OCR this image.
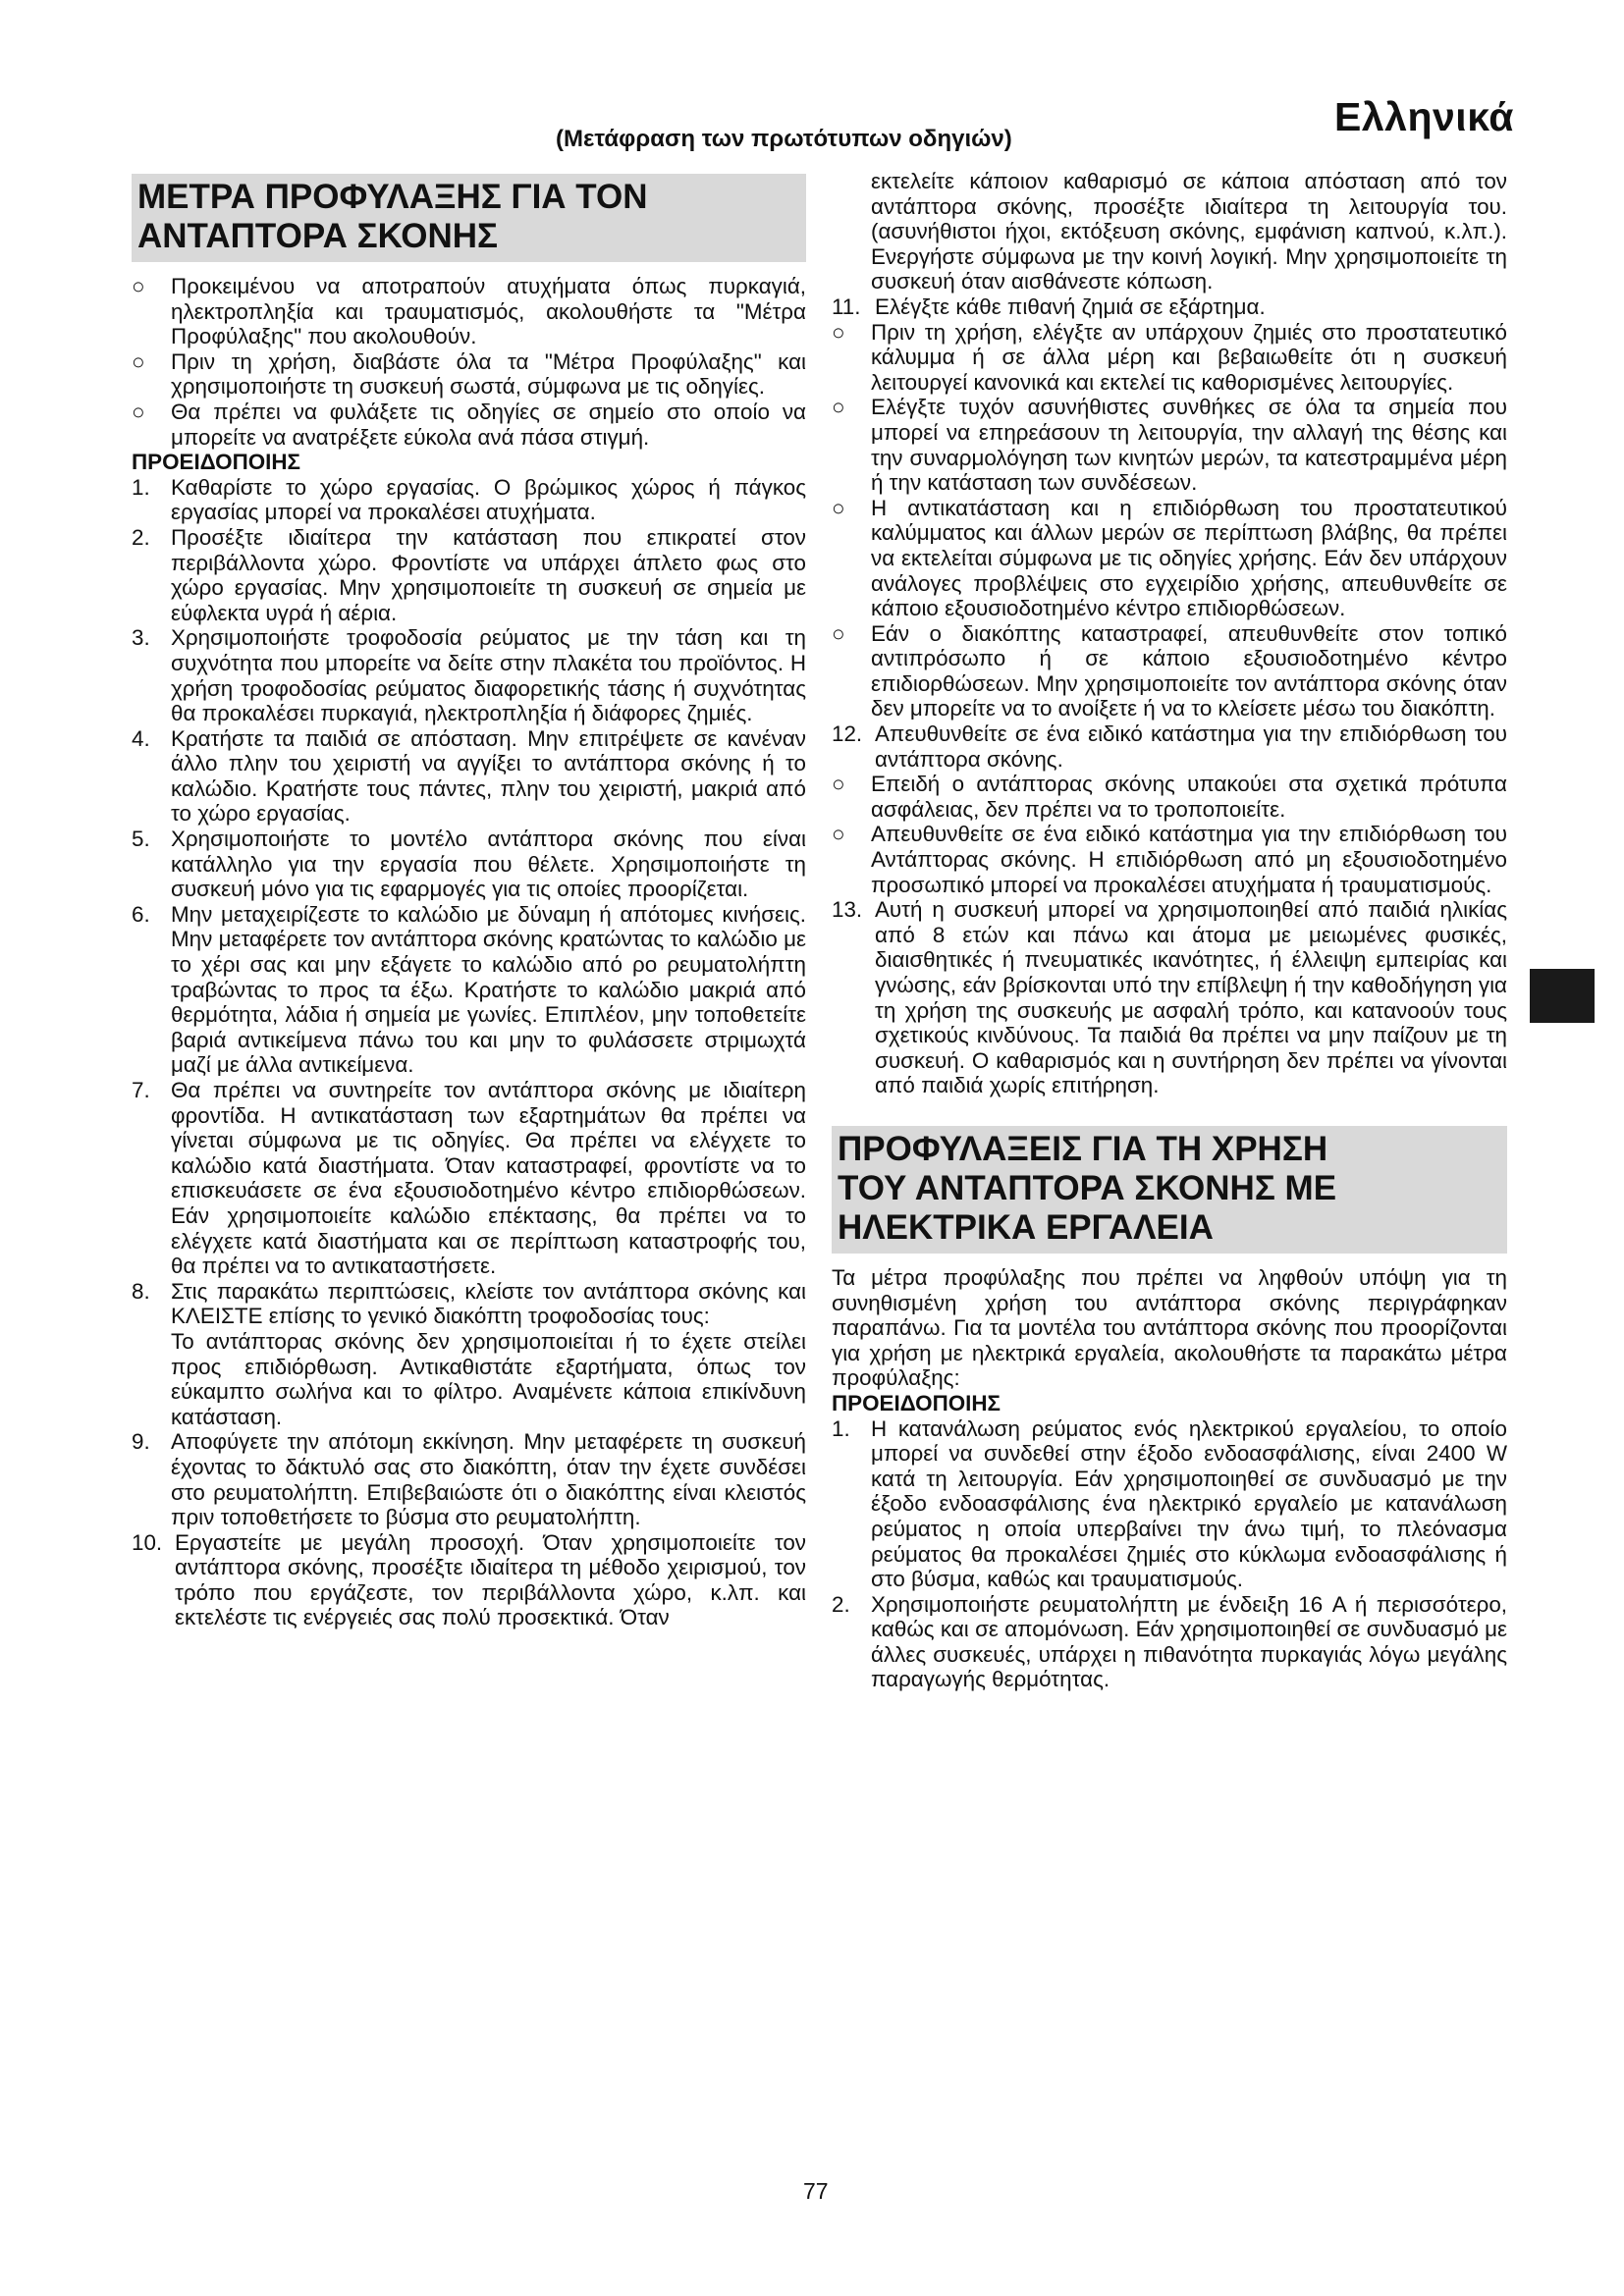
Ελληνικά
(Μετάφραση των πρωτότυπων οδηγιών)
ΜΕΤΡΑ ΠΡΟΦΥΛΑΞΗΣ ΓΙΑ ΤΟΝ
ΑΝΤΑΠΤΟΡΑ ΣΚΟΝΗΣ
○	Προκειμένου να αποτραπούν ατυχήματα όπως πυρκαγιά, ηλεκτροπληξία και τραυματισμός, ακολουθήστε τα "Μέτρα Προφύλαξης" που ακολουθούν.
○	Πριν τη χρήση, διαβάστε όλα τα "Μέτρα Προφύλαξης" και χρησιμοποιήστε τη συσκευή σωστά, σύμφωνα με τις οδηγίες.
○	Θα πρέπει να φυλάξετε τις οδηγίες σε σημείο στο οποίο να μπορείτε να ανατρέξετε εύκολα ανά πάσα στιγμή.
ΠΡΟΕΙΔΟΠΟΙΗΣ
1. Καθαρίστε το χώρο εργασίας. Ο βρώμικος χώρος ή πάγκος εργασίας μπορεί να προκαλέσει ατυχήματα.
2. Προσέξτε ιδιαίτερα την κατάσταση που επικρατεί στον περιβάλλοντα χώρο. Φροντίστε να υπάρχει άπλετο φως στο χώρο εργασίας. Μην χρησιμοποιείτε τη συσκευή σε σημεία με εύφλεκτα υγρά ή αέρια.
3. Χρησιμοποιήστε τροφοδοσία ρεύματος με την τάση και τη συχνότητα που μπορείτε να δείτε στην πλακέτα του προϊόντος. Η χρήση τροφοδοσίας ρεύματος διαφορετικής τάσης ή συχνότητας θα προκαλέσει πυρκαγιά, ηλεκτροπληξία ή διάφορες ζημιές.
4. Κρατήστε τα παιδιά σε απόσταση. Μην επιτρέψετε σε κανέναν άλλο πλην του χειριστή να αγγίξει το αντάπτορα σκόνης ή το καλώδιο. Κρατήστε τους πάντες, πλην του χειριστή, μακριά από το χώρο εργασίας.
5. Χρησιμοποιήστε το μοντέλο αντάπτορα σκόνης που είναι κατάλληλο για την εργασία που θέλετε. Χρησιμοποιήστε τη συσκευή μόνο για τις εφαρμογές για τις οποίες προορίζεται.
6. Μην μεταχειρίζεστε το καλώδιο με δύναμη ή απότομες κινήσεις. Μην μεταφέρετε τον αντάπτορα σκόνης κρατώντας το καλώδιο με το χέρι σας και μην εξάγετε το καλώδιο από ρο ρευματολήπτη τραβώντας το προς τα έξω. Κρατήστε το καλώδιο μακριά από θερμότητα, λάδια ή σημεία με γωνίες. Επιπλέον, μην τοποθετείτε βαριά αντικείμενα πάνω του και μην το φυλάσσετε στριμωχτά μαζί με άλλα αντικείμενα.
7. Θα πρέπει να συντηρείτε τον αντάπτορα σκόνης με ιδιαίτερη φροντίδα. Η αντικατάσταση των εξαρτημάτων θα πρέπει να γίνεται σύμφωνα με τις οδηγίες. Θα πρέπει να ελέγχετε το καλώδιο κατά διαστήματα. Όταν καταστραφεί, φροντίστε να το επισκευάσετε σε ένα εξουσιοδοτημένο κέντρο επιδιορθώσεων. Εάν χρησιμοποιείτε καλώδιο επέκτασης, θα πρέπει να το ελέγχετε κατά διαστήματα και σε περίπτωση καταστροφής του, θα πρέπει να το αντικαταστήσετε.
8. Στις παρακάτω περιπτώσεις, κλείστε τον αντάπτορα σκόνης και ΚΛΕΙΣΤΕ επίσης το γενικό διακόπτη τροφοδοσίας τους:
Το αντάπτορας σκόνης δεν χρησιμοποιείται ή το έχετε στείλει προς επιδιόρθωση. Αντικαθιστάτε εξαρτήματα, όπως τον εύκαμπτο σωλήνα και το φίλτρο. Αναμένετε κάποια επικίνδυνη κατάσταση.
9. Αποφύγετε την απότομη εκκίνηση. Μην μεταφέρετε τη συσκευή έχοντας το δάκτυλό σας στο διακόπτη, όταν την έχετε συνδέσει στο ρευματολήπτη. Επιβεβαιώστε ότι ο διακόπτης είναι κλειστός πριν τοποθετήσετε το βύσμα στο ρευματολήπτη.
10. Εργαστείτε με μεγάλη προσοχή. Όταν χρησιμοποιείτε τον αντάπτορα σκόνης, προσέξτε ιδιαίτερα τη μέθοδο χειρισμού, τον τρόπο που εργάζεστε, τον περιβάλλοντα χώρο, κ.λπ. και εκτελέστε τις ενέργειές σας πολύ προσεκτικά. Όταν
εκτελείτε κάποιον καθαρισμό σε κάποια απόσταση από τον αντάπτορα σκόνης, προσέξτε ιδιαίτερα τη λειτουργία του. (ασυνήθιστοι ήχοι, εκτόξευση σκόνης, εμφάνιση καπνού, κ.λπ.). Ενεργήστε σύμφωνα με την κοινή λογική. Μην χρησιμοποιείτε τη συσκευή όταν αισθάνεστε κόπωση.
11. Ελέγξτε κάθε πιθανή ζημιά σε εξάρτημα.
○	Πριν τη χρήση, ελέγξτε αν υπάρχουν ζημιές στο προστατευτικό κάλυμμα ή σε άλλα μέρη και βεβαιωθείτε ότι η συσκευή λειτουργεί κανονικά και εκτελεί τις καθορισμένες λειτουργίες.
○	Ελέγξτε τυχόν ασυνήθιστες συνθήκες σε όλα τα σημεία που μπορεί να επηρεάσουν τη λειτουργία, την αλλαγή της θέσης και την συναρμολόγηση των κινητών μερών, τα κατεστραμμένα μέρη ή την κατάσταση των συνδέσεων.
○	Η αντικατάσταση και η επιδιόρθωση του προστατευτικού καλύμματος και άλλων μερών σε περίπτωση βλάβης, θα πρέπει να εκτελείται σύμφωνα με τις οδηγίες χρήσης. Εάν δεν υπάρχουν ανάλογες προβλέψεις στο εγχειρίδιο χρήσης, απευθυνθείτε σε κάποιο εξουσιοδοτημένο κέντρο επιδιορθώσεων.
○	Εάν ο διακόπτης καταστραφεί, απευθυνθείτε στον τοπικό αντιπρόσωπο ή σε κάποιο εξουσιοδοτημένο κέντρο επιδιορθώσεων. Μην χρησιμοποιείτε τον αντάπτορα σκόνης όταν δεν μπορείτε να το ανοίξετε ή να το κλείσετε μέσω του διακόπτη.
12. Απευθυνθείτε σε ένα ειδικό κατάστημα για την επιδιόρθωση του αντάπτορα σκόνης.
○	Επειδή ο αντάπτορας σκόνης υπακούει στα σχετικά πρότυπα ασφάλειας, δεν πρέπει να το τροποποιείτε.
○	Απευθυνθείτε σε ένα ειδικό κατάστημα για την επιδιόρθωση του Αντάπτορας σκόνης. Η επιδιόρθωση από μη εξουσιοδοτημένο προσωπικό μπορεί να προκαλέσει ατυχήματα ή τραυματισμούς.
13. Αυτή η συσκευή μπορεί να χρησιμοποιηθεί από παιδιά ηλικίας από 8 ετών και πάνω και άτομα με μειωμένες φυσικές, διαισθητικές ή πνευματικές ικανότητες, ή έλλειψη εμπειρίας και γνώσης, εάν βρίσκονται υπό την επίβλεψη ή την καθοδήγηση για τη χρήση της συσκευής με ασφαλή τρόπο, και κατανοούν τους σχετικούς κινδύνους. Τα παιδιά θα πρέπει να μην παίζουν με τη συσκευή. Ο καθαρισμός και η συντήρηση δεν πρέπει να γίνονται από παιδιά χωρίς επιτήρηση.
ΠΡΟΦΥΛΑΞΕΙΣ ΓΙΑ ΤΗ ΧΡΗΣΗ
ΤΟΥ ΑΝΤΑΠΤΟΡΑ ΣΚΟΝΗΣ ΜΕ
ΗΛΕΚΤΡΙΚΑ ΕΡΓΑΛΕΙΑ
Τα μέτρα προφύλαξης που πρέπει να ληφθούν υπόψη για τη συνηθισμένη χρήση του αντάπτορα σκόνης περιγράφηκαν παραπάνω. Για τα μοντέλα του αντάπτορα σκόνης που προορίζονται για χρήση με ηλεκτρικά εργαλεία, ακολουθήστε τα παρακάτω μέτρα προφύλαξης:
ΠΡΟΕΙΔΟΠΟΙΗΣ
1. Η κατανάλωση ρεύματος ενός ηλεκτρικού εργαλείου, το οποίο μπορεί να συνδεθεί στην έξοδο ενδοασφάλισης, είναι 2400 W κατά τη λειτουργία. Εάν χρησιμοποιηθεί σε συνδυασμό με την έξοδο ενδοασφάλισης ένα ηλεκτρικό εργαλείο με κατανάλωση ρεύματος η οποία υπερβαίνει την άνω τιμή, το πλεόνασμα ρεύματος θα προκαλέσει ζημιές στο κύκλωμα ενδοασφάλισης ή στο βύσμα, καθώς και τραυματισμούς.
2. Χρησιμοποιήστε ρευματολήπτη με ένδειξη 16 A ή περισσότερο, καθώς και σε απομόνωση. Εάν χρησιμοποιηθεί σε συνδυασμό με άλλες συσκευές, υπάρχει η πιθανότητα πυρκαγιάς λόγω μεγάλης παραγωγής θερμότητας.
77
